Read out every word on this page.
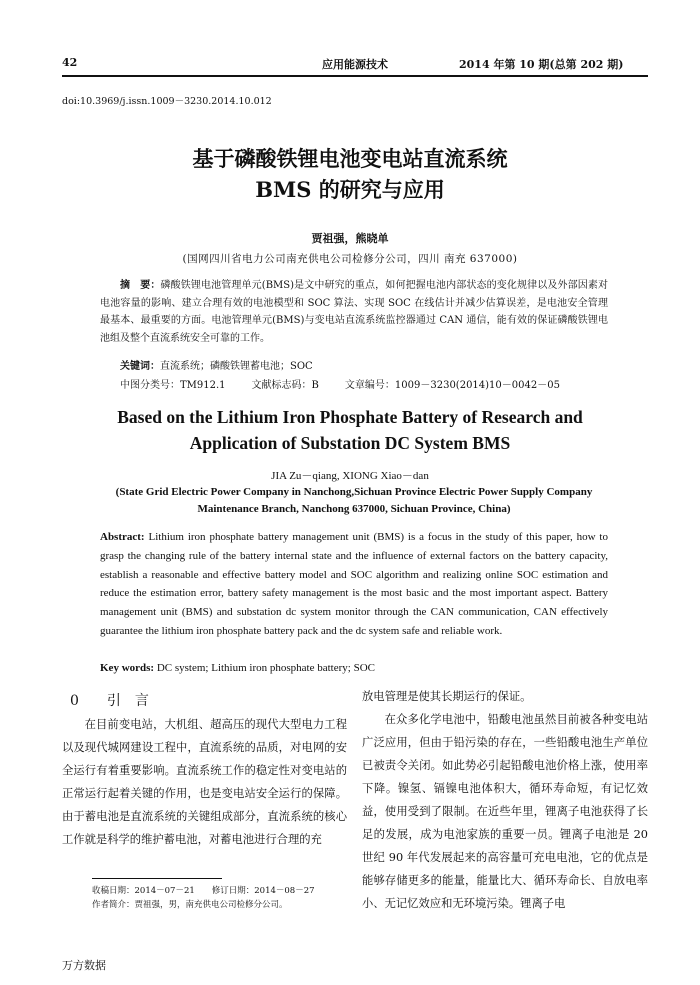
42	应用能源技术	2014 年第 10 期(总第 202 期)
doi:10.3969/j.issn.1009－3230.2014.10.012
基于磷酸铁锂电池变电站直流系统
BMS 的研究与应用
贾祖强，熊晓单
(国网四川省电力公司南充供电公司检修分公司，四川 南充 637000)
摘　要：磷酸铁锂电池管理单元(BMS)是文中研究的重点，如何把握电池内部状态的变化规律以及外部因素对电池容量的影响、建立合理有效的电池模型和 SOC 算法、实现 SOC 在线估计并减少估算误差，是电池安全管理最基本、最重要的方面。电池管理单元(BMS)与变电站直流系统监控器通过 CAN 通信，能有效的保证磷酸铁锂电池组及整个直流系统安全可靠的工作。
关键词：直流系统；磷酸铁锂蓄电池；SOC
中图分类号：TM912.1	文献标志码：B	文章编号：1009－3230(2014)10－0042－05
Based on the Lithium Iron Phosphate Battery of Research and
Application of Substation DC System BMS
JIA Zu－qiang, XIONG Xiao－dan
(State Grid Electric Power Company in Nanchong,Sichuan Province Electric Power Supply Company Maintenance Branch, Nanchong 637000, Sichuan Province, China)
Abstract: Lithium iron phosphate battery management unit (BMS) is a focus in the study of this paper, how to grasp the changing rule of the battery internal state and the influence of external factors on the battery capacity, establish a reasonable and effective battery model and SOC algorithm and realizing online SOC estimation and reduce the estimation error, battery safety management is the most basic and the most important aspect. Battery management unit (BMS) and substation dc system monitor through the CAN communication, CAN effectively guarantee the lithium iron phosphate battery pack and the dc system safe and reliable work.
Key words: DC system; Lithium iron phosphate battery; SOC
0 引言
在目前变电站，大机组、超高压的现代大型电力工程以及现代城网建设工程中，直流系统的品质，对电网的安全运行有着重要影响。直流系统工作的稳定性对变电站的正常运行起着关键的作用，也是变电站安全运行的保障。由于蓄电池是直流系统的关键组成部分，直流系统的核心工作就是科学的维护蓄电池，对蓄电池进行合理的充
收稿日期：2014－07－21　　修订日期：2014－08－27
作者简介：贾祖强，男，南充供电公司检修分公司。
放电管理是使其长期运行的保证。
在众多化学电池中，铅酸电池虽然目前被各种变电站广泛应用，但由于铅污染的存在，一些铅酸电池生产单位已被责令关闭。如此势必引起铅酸电池价格上涨，使用率下降。镍氢、镉镍电池体积大，循环寿命短，有记忆效益，使用受到了限制。在近些年里，锂离子电池获得了长足的发展，成为电池家族的重要一员。锂离子电池是 20 世纪 90 年代发展起来的高容量可充电电池，它的优点是能够存储更多的能量，能量比大、循环寿命长、自放电率小、无记忆效应和无环境污染。锂离子电
万方数据
